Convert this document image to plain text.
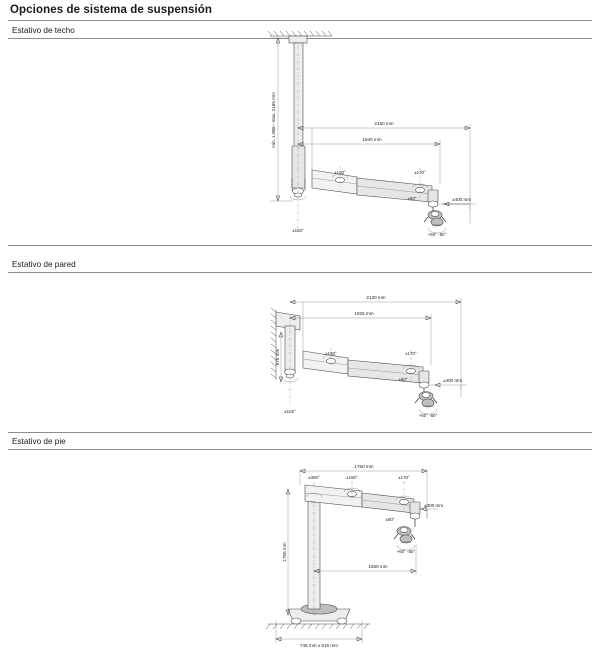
Opciones de sistema de suspensión
Estativo de techo
2150 mm
1940 mm
min. 1,965– max. 2165 mm
±400 mm
±163°
±150°	±170°
±60°
+60° -50°
Estativo de pared
2130 mm
1925 mm
975 mm
±400 mm
±102°
±150°	±170°
±60°
+60° -50°
Estativo de pie
1760 mm
1550 mm
1755 mm
745 mm x 615 mm
±300 mm
±360°	±150°	±170°
±60°
+60° -50°
